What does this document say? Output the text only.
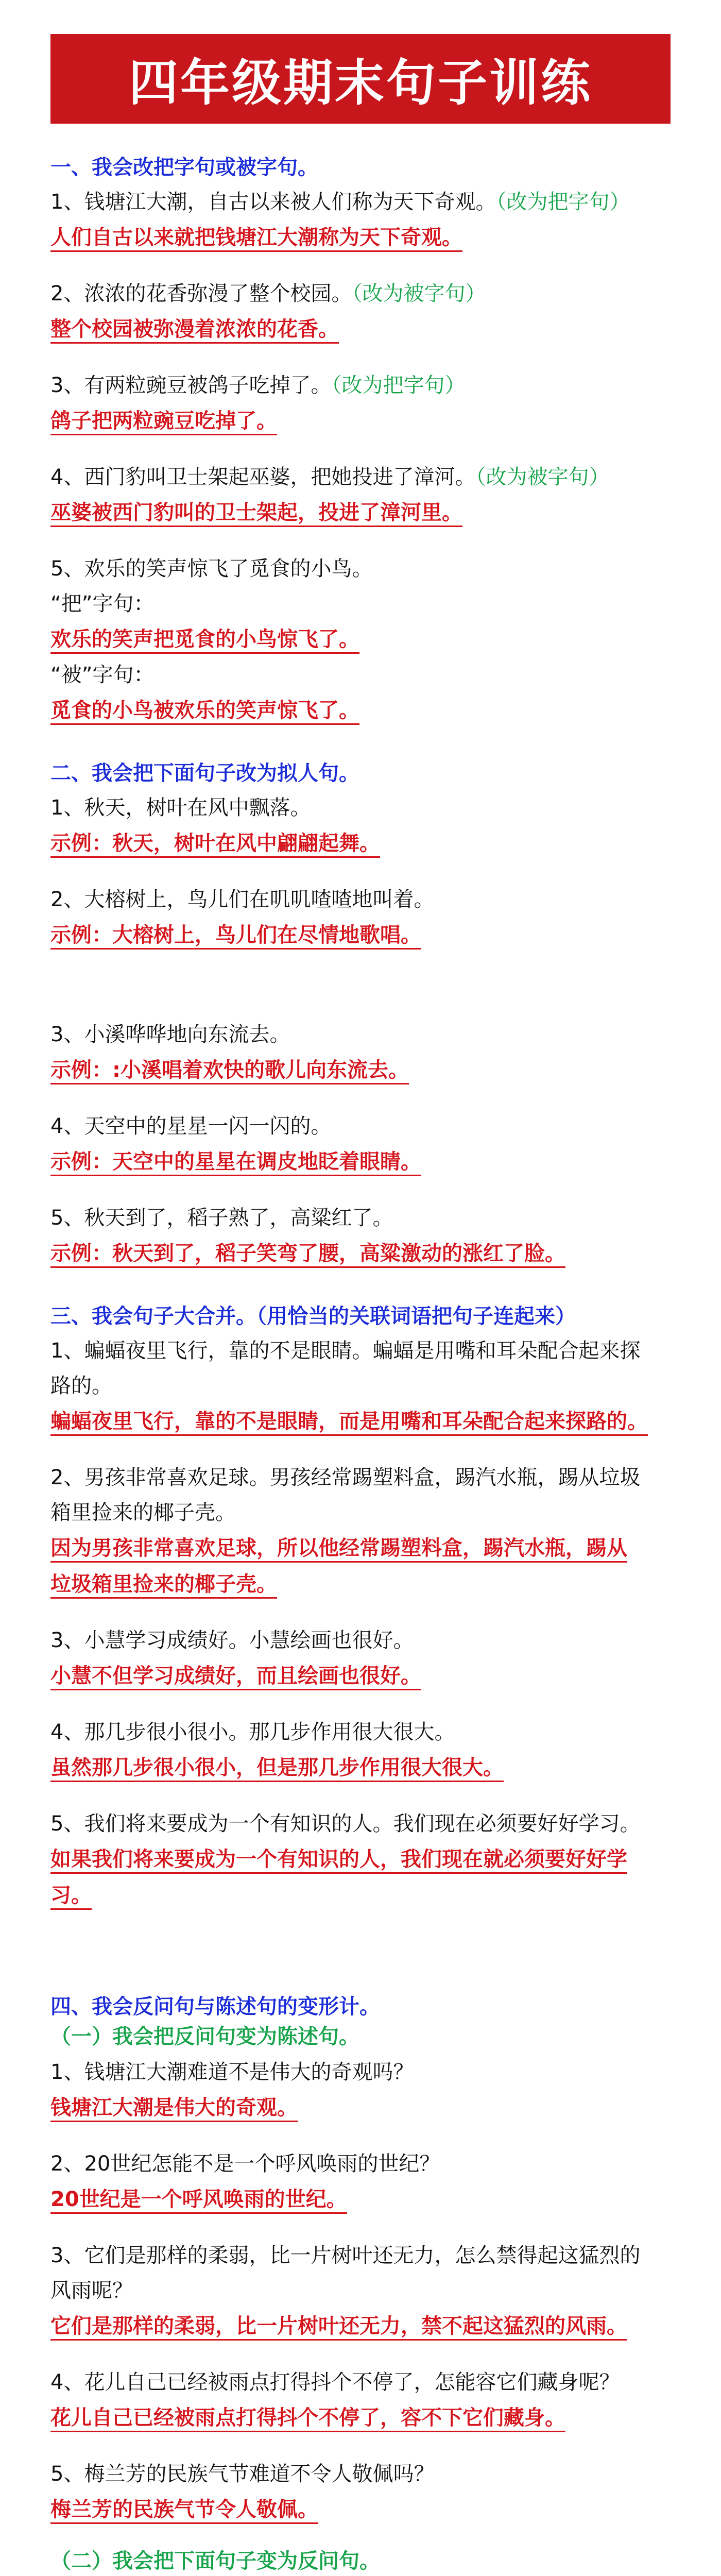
四年级期末句子训练
一、我会改把字句或被字句。
1、钱塘江大潮，自古以来被人们称为天下奇观。（改为把字句）
人们自古以来就把钱塘江大潮称为天下奇观。
2、浓浓的花香弥漫了整个校园。（改为被字句）
整个校园被弥漫着浓浓的花香。
3、有两粒豌豆被鸽子吃掉了。（改为把字句）
鸽子把两粒豌豆吃掉了。
4、西门豹叫卫士架起巫婆，把她投进了漳河。（改为被字句）
巫婆被西门豹叫的卫士架起，投进了漳河里。
5、欢乐的笑声惊飞了觅食的小鸟。
“把”字句：
欢乐的笑声把觅食的小鸟惊飞了。
“被”字句：
觅食的小鸟被欢乐的笑声惊飞了。
二、我会把下面句子改为拟人句。
1、秋天，树叶在风中飘落。
示例：秋天，树叶在风中翩翩起舞。
2、大榕树上，鸟儿们在叽叽喳喳地叫着。
示例：大榕树上，鸟儿们在尽情地歌唱。
3、小溪哗哗地向东流去。
示例：:小溪唱着欢快的歌儿向东流去。
4、天空中的星星一闪一闪的。
示例：天空中的星星在调皮地眨着眼睛。
5、秋天到了，稻子熟了，高粱红了。
示例：秋天到了，稻子笑弯了腰，高粱激动的涨红了脸。
三、我会句子大合并。（用恰当的关联词语把句子连起来）
1、蝙蝠夜里飞行，靠的不是眼睛。蝙蝠是用嘴和耳朵配合起来探
路的。
蝙蝠夜里飞行，靠的不是眼睛，而是用嘴和耳朵配合起来探路的。
2、男孩非常喜欢足球。男孩经常踢塑料盒，踢汽水瓶，踢从垃圾
箱里捡来的椰子壳。
因为男孩非常喜欢足球，所以他经常踢塑料盒，踢汽水瓶，踢从
垃圾箱里捡来的椰子壳。
3、小慧学习成绩好。小慧绘画也很好。
小慧不但学习成绩好，而且绘画也很好。
4、那几步很小很小。那几步作用很大很大。
虽然那几步很小很小，但是那几步作用很大很大。
5、我们将来要成为一个有知识的人。我们现在必须要好好学习。
如果我们将来要成为一个有知识的人，我们现在就必须要好好学
习。
四、我会反问句与陈述句的变形计。
（一）我会把反问句变为陈述句。
1、钱塘江大潮难道不是伟大的奇观吗？
钱塘江大潮是伟大的奇观。
2、20世纪怎能不是一个呼风唤雨的世纪？
20世纪是一个呼风唤雨的世纪。
3、它们是那样的柔弱，比一片树叶还无力，怎么禁得起这猛烈的
风雨呢？
它们是那样的柔弱，比一片树叶还无力，禁不起这猛烈的风雨。
4、花儿自己已经被雨点打得抖个不停了，怎能容它们藏身呢？
花儿自己已经被雨点打得抖个不停了，容不下它们藏身。
5、梅兰芳的民族气节难道不令人敬佩吗？
梅兰芳的民族气节令人敬佩。
（二）我会把下面句子变为反问句。
